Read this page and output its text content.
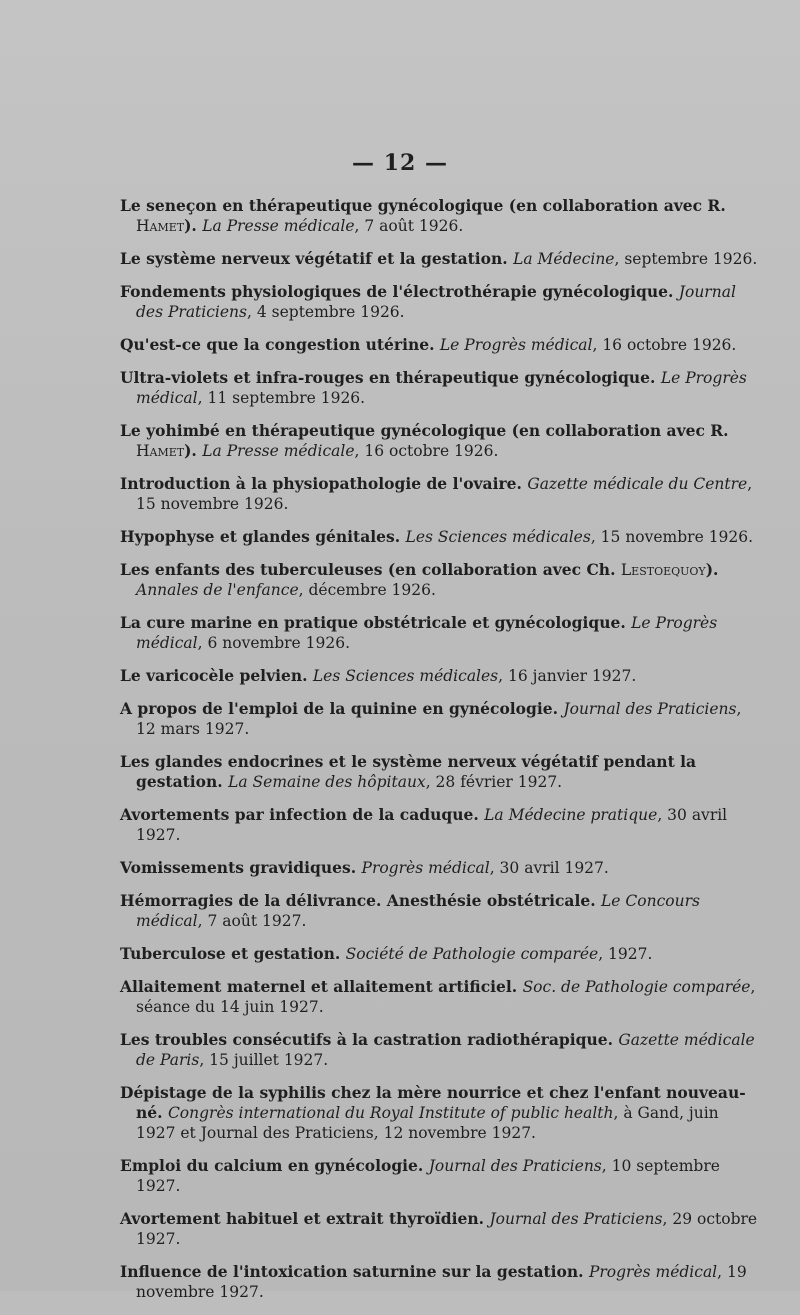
— 12 —
Le seneçon en thérapeutique gynécologique (en collaboration avec R. Hamet). La Presse médicale, 7 août 1926.
Le système nerveux végétatif et la gestation. La Médecine, septembre 1926.
Fondements physiologiques de l'électrothérapie gynécologique. Journal des Praticiens, 4 septembre 1926.
Qu'est-ce que la congestion utérine. Le Progrès médical, 16 octobre 1926.
Ultra-violets et infra-rouges en thérapeutique gynécologique. Le Progrès médical, 11 septembre 1926.
Le yohimbé en thérapeutique gynécologique (en collaboration avec R. Hamet). La Presse médicale, 16 octobre 1926.
Introduction à la physiopathologie de l'ovaire. Gazette médicale du Centre, 15 novembre 1926.
Hypophyse et glandes génitales. Les Sciences médicales, 15 novembre 1926.
Les enfants des tuberculeuses (en collaboration avec Ch. Lestoequoy). Annales de l'enfance, décembre 1926.
La cure marine en pratique obstétricale et gynécologique. Le Progrès médical, 6 novembre 1926.
Le varicocèle pelvien. Les Sciences médicales, 16 janvier 1927.
A propos de l'emploi de la quinine en gynécologie. Journal des Praticiens, 12 mars 1927.
Les glandes endocrines et le système nerveux végétatif pendant la gestation. La Semaine des hôpitaux, 28 février 1927.
Avortements par infection de la caduque. La Médecine pratique, 30 avril 1927.
Vomissements gravidiques. Progrès médical, 30 avril 1927.
Hémorragies de la délivrance. Anesthésie obstétricale. Le Concours médical, 7 août 1927.
Tuberculose et gestation. Société de Pathologie comparée, 1927.
Allaitement maternel et allaitement artificiel. Soc. de Pathologie comparée, séance du 14 juin 1927.
Les troubles consécutifs à la castration radiothérapique. Gazette médicale de Paris, 15 juillet 1927.
Dépistage de la syphilis chez la mère nourrice et chez l'enfant nouveau-né. Congrès international du Royal Institute of public health, à Gand, juin 1927 et Journal des Praticiens, 12 novembre 1927.
Emploi du calcium en gynécologie. Journal des Praticiens, 10 septembre 1927.
Avortement habituel et extrait thyroïdien. Journal des Praticiens, 29 octobre 1927.
Influence de l'intoxication saturnine sur la gestation. Progrès médical, 19 novembre 1927.
